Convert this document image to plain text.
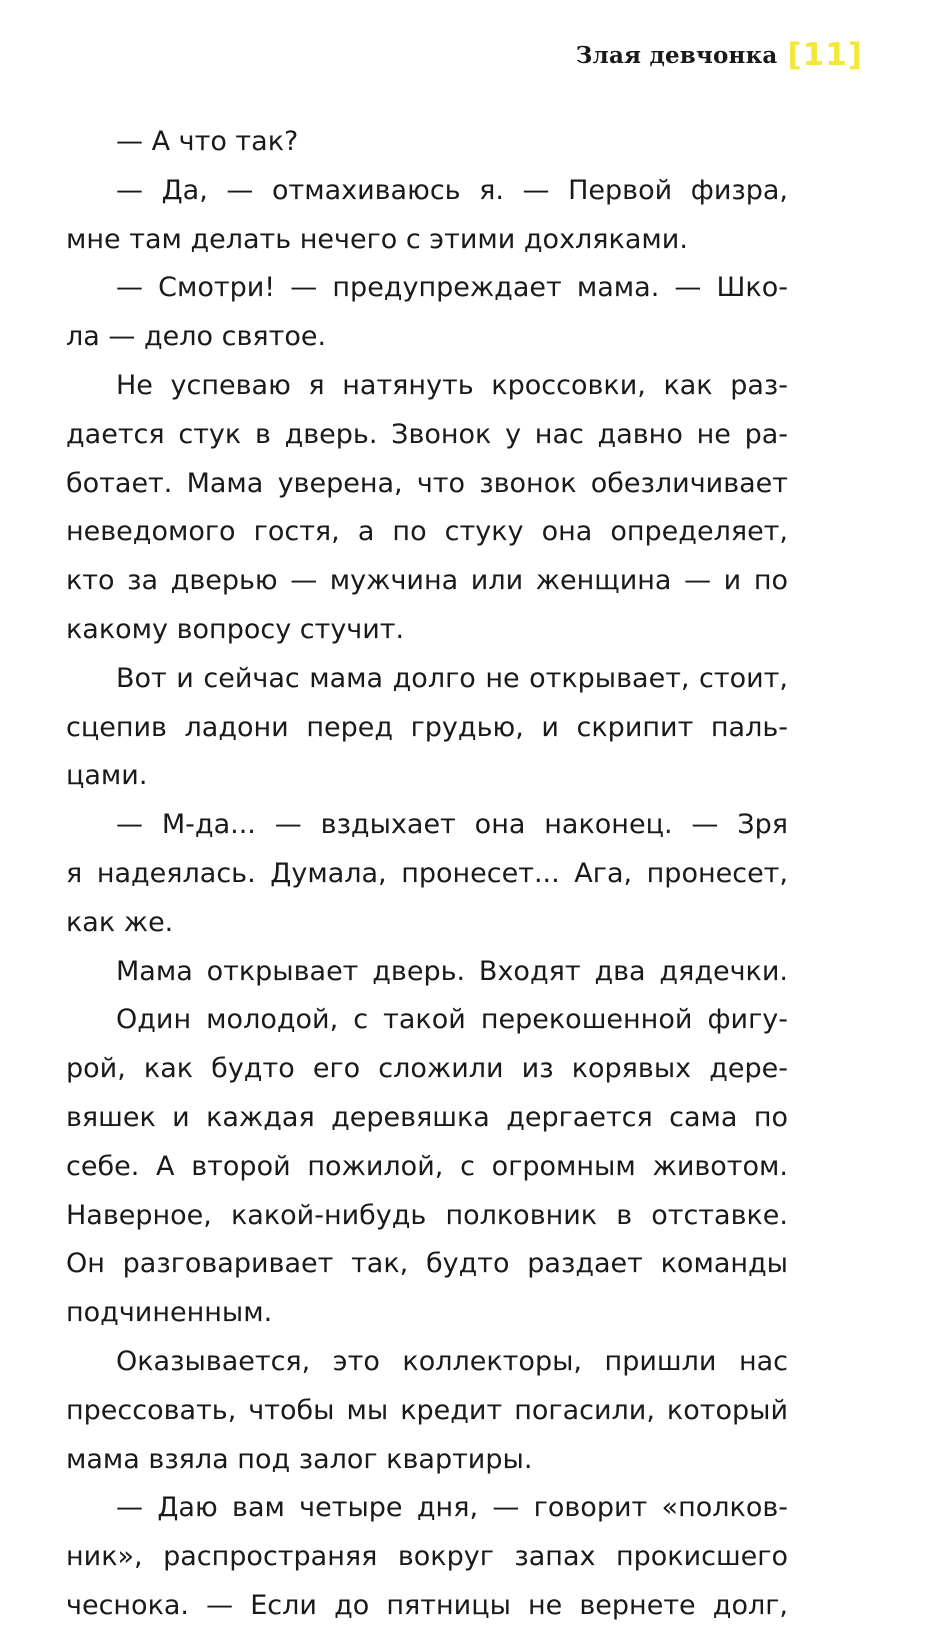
Злая девчонка [11]
— А что так?
— Да, — отмахиваюсь я. — Первой физра,
мне там делать нечего с этими дохляками.
— Смотри! — предупреждает мама. — Шко-
ла — дело святое.
Не успеваю я натянуть кроссовки, как раз-
дается стук в дверь. Звонок у нас давно не ра-
ботает. Мама уверена, что звонок обезличивает
неведомого гостя, а по стуку она определяет,
кто за дверью — мужчина или женщина — и по
какому вопросу стучит.
Вот и сейчас мама долго не открывает, стоит,
сцепив ладони перед грудью, и скрипит паль-
цами.
— М-да... — вздыхает она наконец. — Зря
я надеялась. Думала, пронесет... Ага, пронесет,
как же.
Мама открывает дверь. Входят два дядечки.
Один молодой, с такой перекошенной фигу-
рой, как будто его сложили из корявых дере-
вяшек и каждая деревяшка дергается сама по
себе. А второй пожилой, с огромным животом.
Наверное, какой-нибудь полковник в отставке.
Он разговаривает так, будто раздает команды
подчиненным.
Оказывается, это коллекторы, пришли нас
прессовать, чтобы мы кредит погасили, который
мама взяла под залог квартиры.
— Даю вам четыре дня, — говорит «полков-
ник», распространяя вокруг запах прокисшего
чеснока. — Если до пятницы не вернете долг,
